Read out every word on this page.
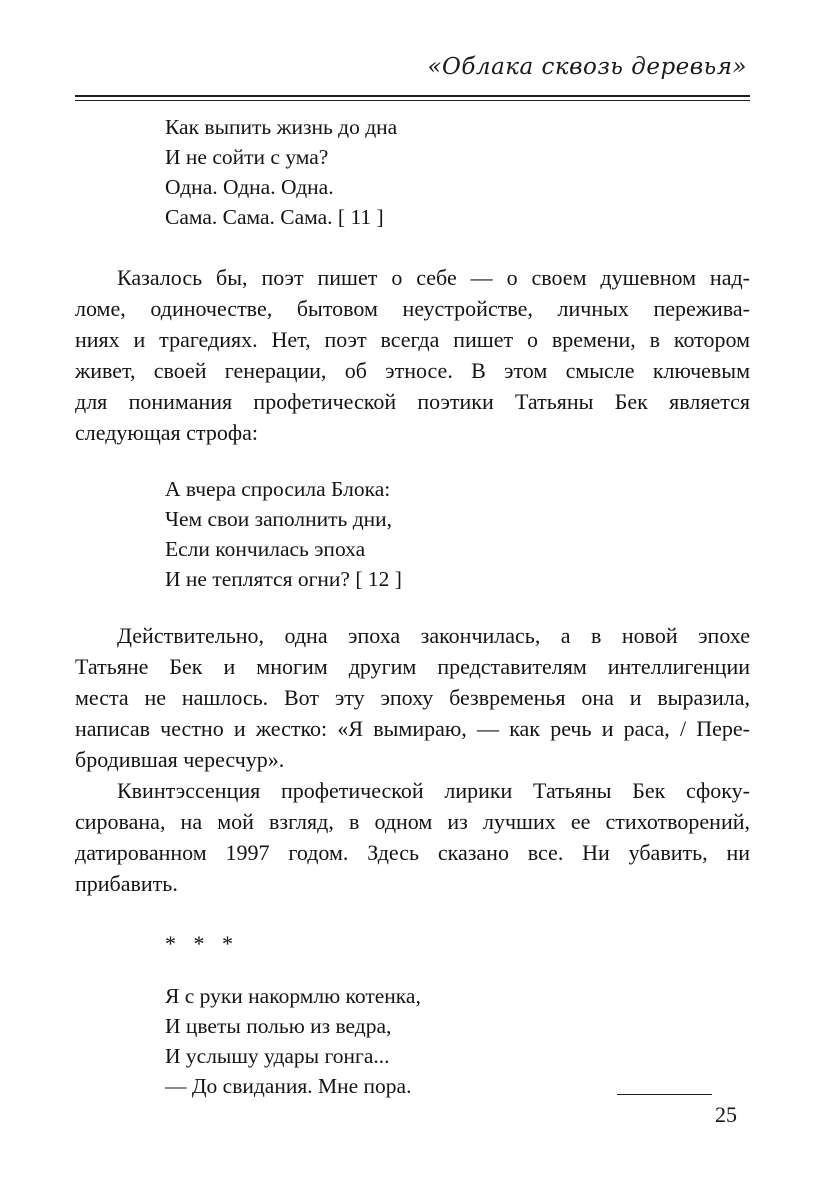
«Облака сквозь деревья»
Как выпить жизнь до дна
И не сойти с ума?
Одна. Одна. Одна.
Сама. Сама. Сама. [ 11 ]
Казалось бы, поэт пишет о себе — о своем душевном над-
ломе, одиночестве, бытовом неустройстве, личных пережива-
ниях и трагедиях. Нет, поэт всегда пишет о времени, в котором
живет, своей генерации, об этносе. В этом смысле ключевым
для понимания профетической поэтики Татьяны Бек является
следующая строфа:
А вчера спросила Блока:
Чем свои заполнить дни,
Если кончилась эпоха
И не теплятся огни? [ 12 ]
Действительно, одна эпоха закончилась, а в новой эпохе
Татьяне Бек и многим другим представителям интеллигенции
места не нашлось. Вот эту эпоху безвременья она и выразила,
написав честно и жестко: «Я вымираю, — как речь и раса, / Пере-
бродившая чересчур».
Квинтэссенция профетической лирики Татьяны Бек сфоку-
сирована, на мой взгляд, в одном из лучших ее стихотворений,
датированном 1997 годом. Здесь сказано все. Ни убавить, ни
прибавить.
* * *
Я с руки накормлю котенка,
И цветы полью из ведра,
И услышу удары гонга...
— До свидания. Мне пора.
25
